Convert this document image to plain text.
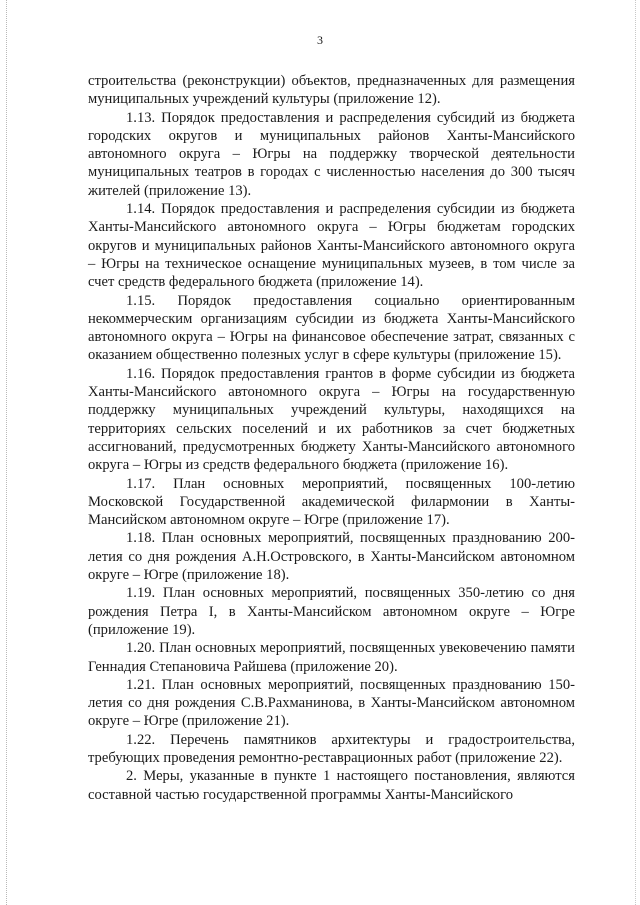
3

строительства (реконструкции) объектов, предназначенных для размещения муниципальных учреждений культуры (приложение 12).

1.13. Порядок предоставления и распределения субсидий из бюджета городских округов и муниципальных районов Ханты-Мансийского автономного округа – Югры на поддержку творческой деятельности муниципальных театров в городах с численностью населения до 300 тысяч жителей (приложение 13).

1.14. Порядок предоставления и распределения субсидии из бюджета Ханты-Мансийского автономного округа – Югры бюджетам городских округов и муниципальных районов Ханты-Мансийского автономного округа – Югры на техническое оснащение муниципальных музеев, в том числе за счет средств федерального бюджета (приложение 14).

1.15. Порядок предоставления социально ориентированным некоммерческим организациям субсидии из бюджета Ханты-Мансийского автономного округа – Югры на финансовое обеспечение затрат, связанных с оказанием общественно полезных услуг в сфере культуры (приложение 15).

1.16. Порядок предоставления грантов в форме субсидии из бюджета Ханты-Мансийского автономного округа – Югры на государственную поддержку муниципальных учреждений культуры, находящихся на территориях сельских поселений и их работников за счет бюджетных ассигнований, предусмотренных бюджету Ханты-Мансийского автономного округа – Югры из средств федерального бюджета (приложение 16).

1.17. План основных мероприятий, посвященных 100-летию Московской Государственной академической филармонии в Ханты-Мансийском автономном округе – Югре (приложение 17).

1.18. План основных мероприятий, посвященных празднованию 200-летия со дня рождения А.Н.Островского, в Ханты-Мансийском автономном округе – Югре (приложение 18).

1.19. План основных мероприятий, посвященных 350-летию со дня рождения Петра I, в Ханты-Мансийском автономном округе – Югре (приложение 19).

1.20. План основных мероприятий, посвященных увековечению памяти Геннадия Степановича Райшева (приложение 20).

1.21. План основных мероприятий, посвященных празднованию 150-летия со дня рождения С.В.Рахманинова, в Ханты-Мансийском автономном округе – Югре (приложение 21).

1.22. Перечень памятников архитектуры и градостроительства, требующих проведения ремонтно-реставрационных работ (приложение 22).

2. Меры, указанные в пункте 1 настоящего постановления, являются составной частью государственной программы Ханты-Мансийского
